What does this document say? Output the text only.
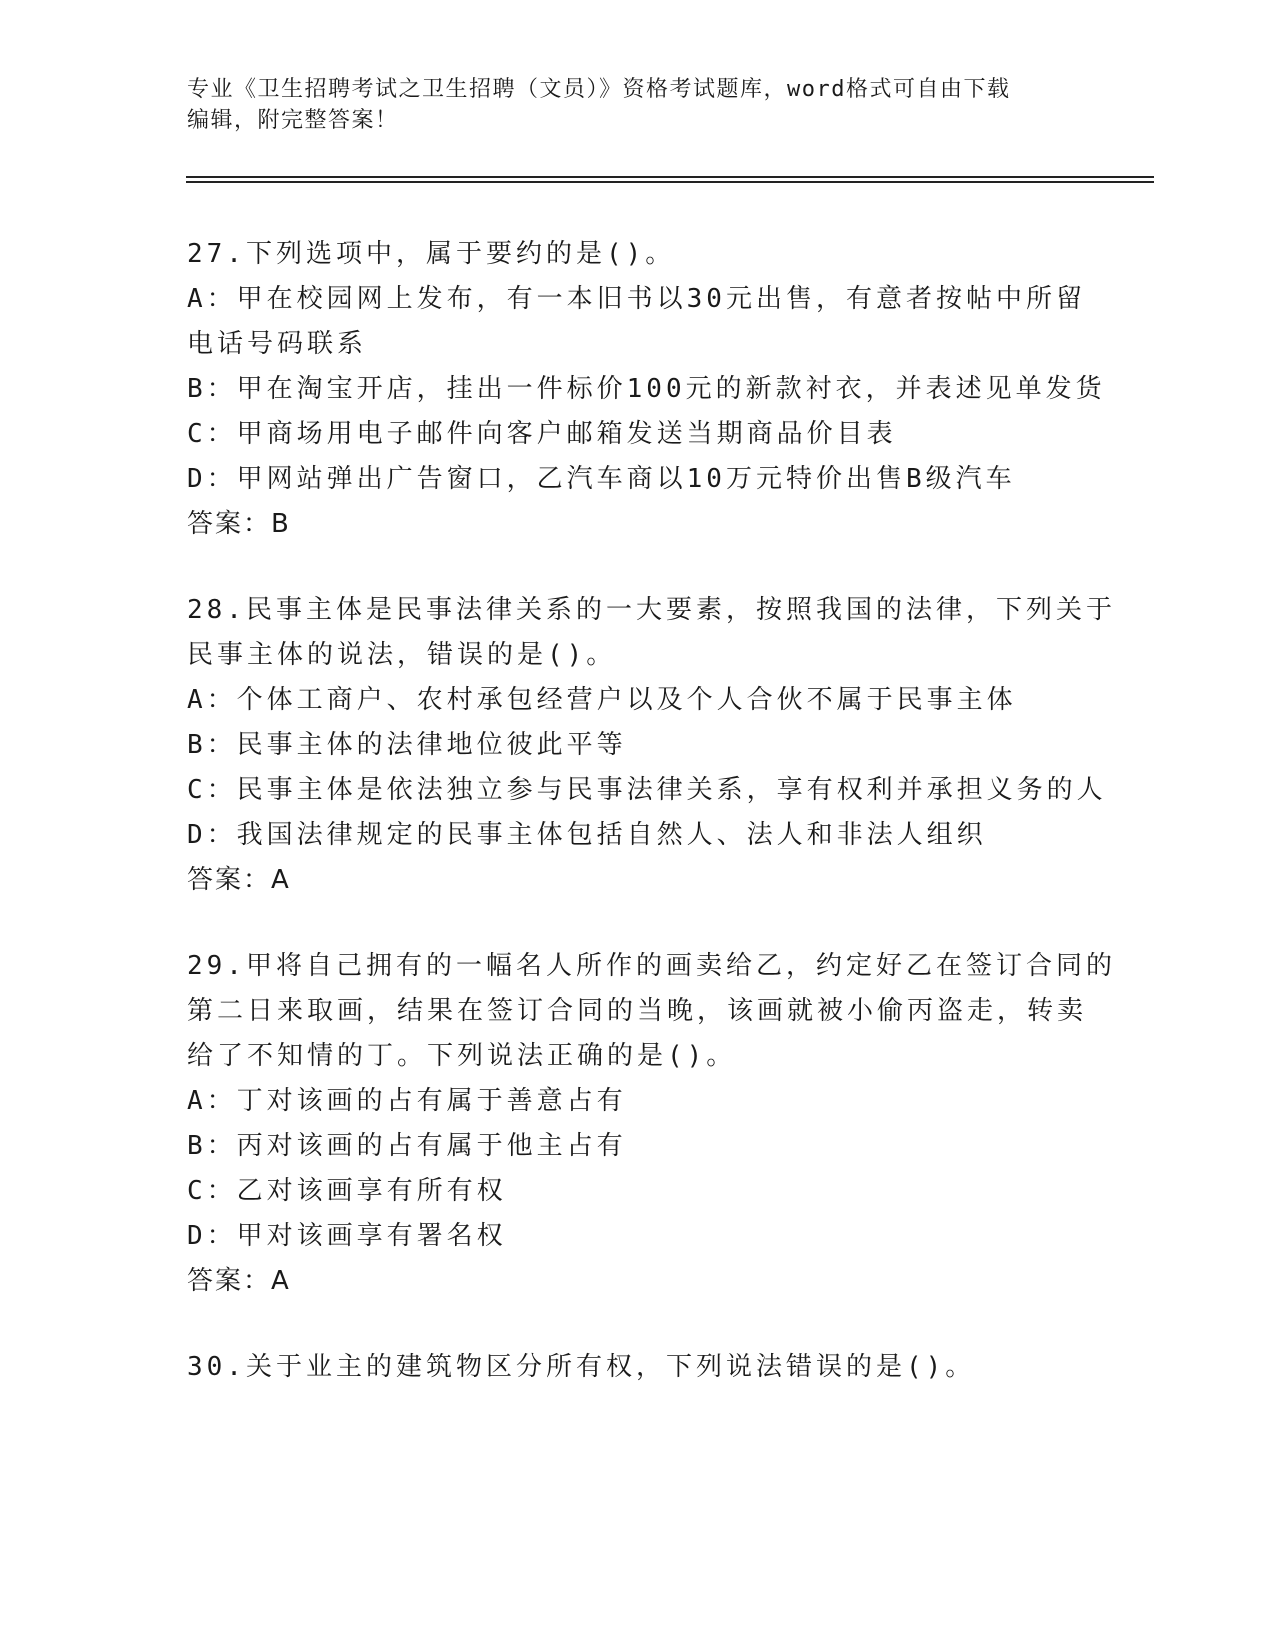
专业《卫生招聘考试之卫生招聘（文员）》资格考试题库，word格式可自由下载
编辑，附完整答案！
27.下列选项中，属于要约的是()。
A：甲在校园网上发布，有一本旧书以30元出售，有意者按帖中所留
电话号码联系
B：甲在淘宝开店，挂出一件标价100元的新款衬衣，并表述见单发货
C：甲商场用电子邮件向客户邮箱发送当期商品价目表
D：甲网站弹出广告窗口，乙汽车商以10万元特价出售B级汽车
答案：B
28.民事主体是民事法律关系的一大要素，按照我国的法律，下列关于
民事主体的说法，错误的是()。
A：个体工商户、农村承包经营户以及个人合伙不属于民事主体
B：民事主体的法律地位彼此平等
C：民事主体是依法独立参与民事法律关系，享有权利并承担义务的人
D：我国法律规定的民事主体包括自然人、法人和非法人组织
答案：A
29.甲将自己拥有的一幅名人所作的画卖给乙，约定好乙在签订合同的
第二日来取画，结果在签订合同的当晚，该画就被小偷丙盗走，转卖
给了不知情的丁。下列说法正确的是()。
A：丁对该画的占有属于善意占有
B：丙对该画的占有属于他主占有
C：乙对该画享有所有权
D：甲对该画享有署名权
答案：A
30.关于业主的建筑物区分所有权，下列说法错误的是()。
